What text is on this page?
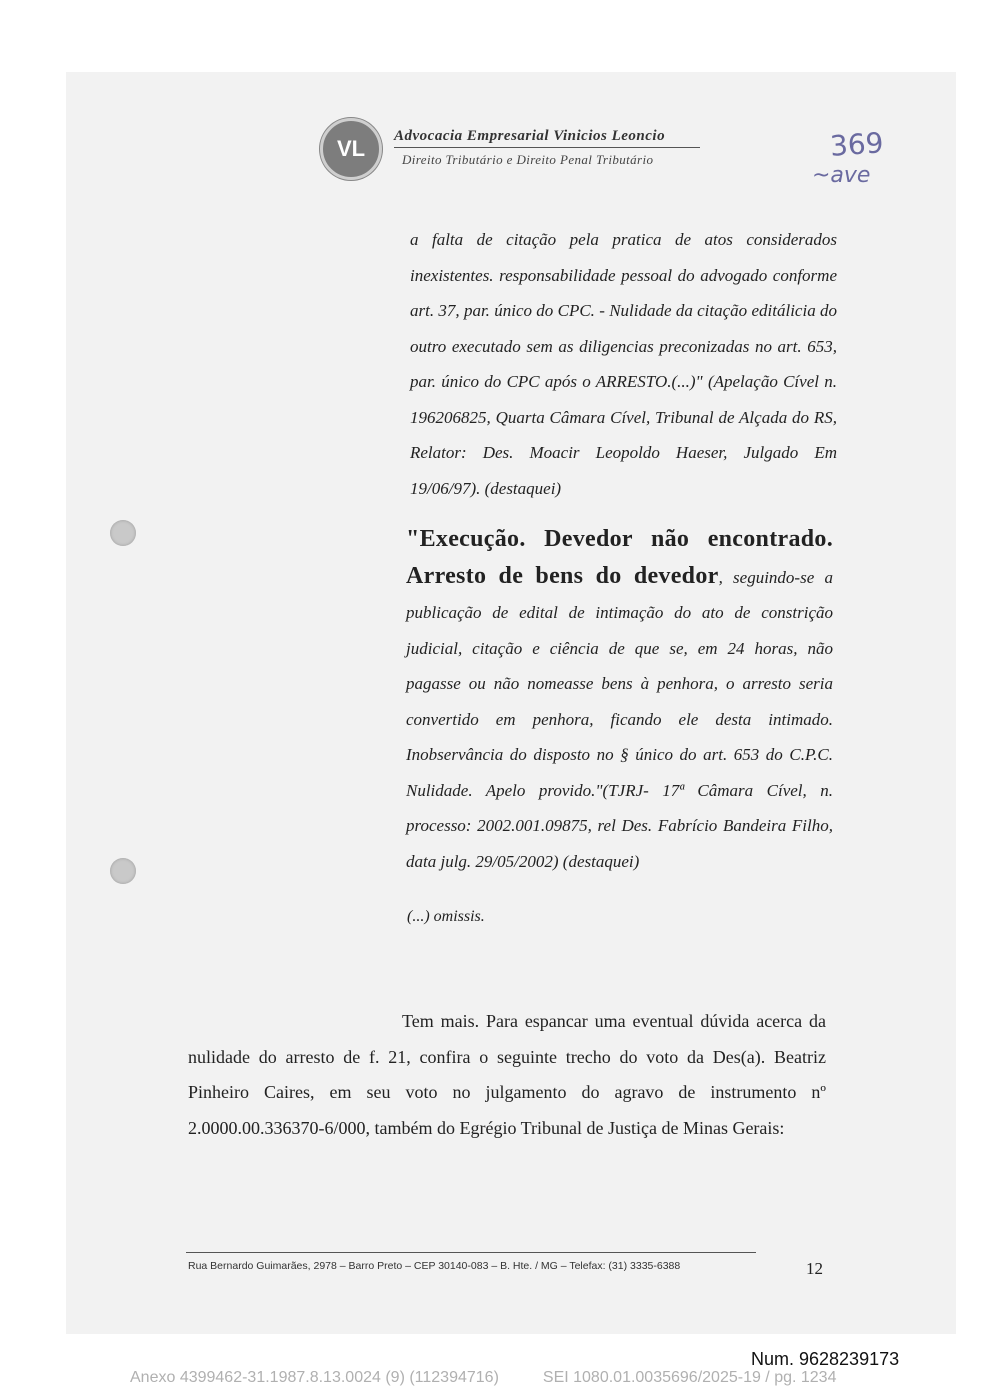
VL Advocacia Empresarial Vinicios Leoncio
Direito Tributário e Direito Penal Tributário	369
~ave
a falta de citação pela pratica de atos considerados inexistentes. responsabilidade pessoal do advogado conforme art. 37, par. único do CPC. - Nulidade da citação editálicia do outro executado sem as diligencias preconizadas no art. 653, par. único do CPC após o ARRESTO.(...)" (Apelação Cível n. 196206825, Quarta Câmara Cível, Tribunal de Alçada do RS, Relator: Des. Moacir Leopoldo Haeser, Julgado Em 19/06/97). (destaquei)
"Execução. Devedor não encontrado. Arresto de bens do devedor, seguindo-se a publicação de edital de intimação do ato de constrição judicial, citação e ciência de que se, em 24 horas, não pagasse ou não nomeasse bens à penhora, o arresto seria convertido em penhora, ficando ele desta intimado. Inobservância do disposto no § único do art. 653 do C.P.C. Nulidade. Apelo provido."(TJRJ- 17ª Câmara Cível, n. processo: 2002.001.09875, rel Des. Fabrício Bandeira Filho, data julg. 29/05/2002) (destaquei)
(...) omissis.
Tem mais. Para espancar uma eventual dúvida acerca da nulidade do arresto de f. 21, confira o seguinte trecho do voto da Des(a). Beatriz Pinheiro Caires, em seu voto no julgamento do agravo de instrumento nº 2.0000.00.336370-6/000, também do Egrégio Tribunal de Justiça de Minas Gerais:
Rua Bernardo Guimarães, 2978 – Barro Preto – CEP 30140-083 – B. Hte. / MG – Telefax: (31) 3335-6388	12
Num. 9628239173
Anexo 4399462-31.1987.8.13.0024 (9) (112394716)	SEI 1080.01.0035696/2025-19 / pg. 1234
